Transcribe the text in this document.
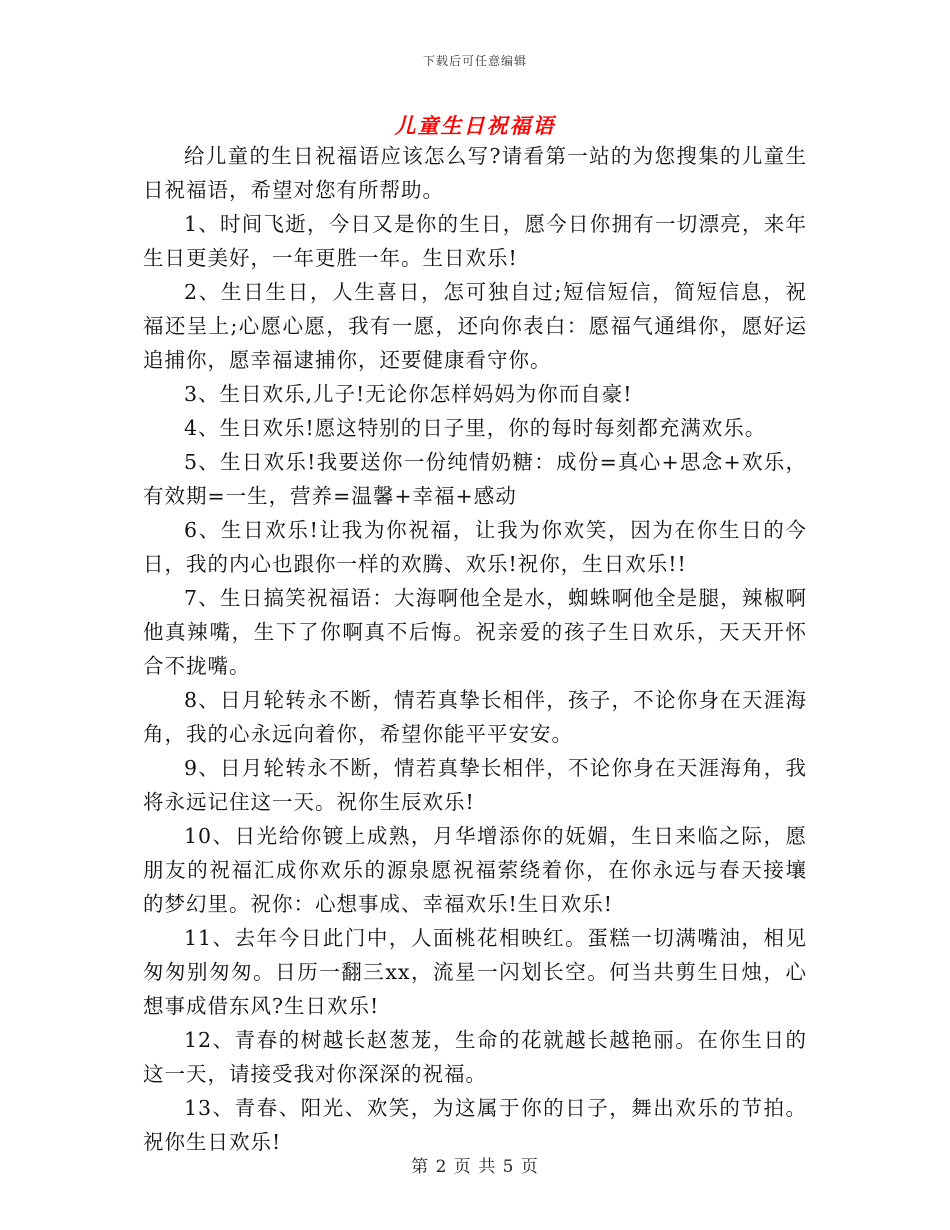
下载后可任意编辑
儿童生日祝福语

给儿童的生日祝福语应该怎么写?请看第一站的为您搜集的儿童生日祝福语，希望对您有所帮助。

1、时间飞逝，今日又是你的生日，愿今日你拥有一切漂亮，来年生日更美好，一年更胜一年。生日欢乐!

2、生日生日，人生喜日，怎可独自过;短信短信，简短信息，祝福还呈上;心愿心愿，我有一愿，还向你表白：愿福气通缉你，愿好运追捕你，愿幸福逮捕你，还要健康看守你。

3、生日欢乐,儿子!无论你怎样妈妈为你而自豪!

4、生日欢乐!愿这特别的日子里，你的每时每刻都充满欢乐。

5、生日欢乐!我要送你一份纯情奶糖：成份=真心+思念+欢乐，有效期=一生，营养=温馨+幸福+感动

6、生日欢乐!让我为你祝福，让我为你欢笑，因为在你生日的今日，我的内心也跟你一样的欢腾、欢乐!祝你，生日欢乐!!

7、生日搞笑祝福语：大海啊他全是水，蜘蛛啊他全是腿，辣椒啊他真辣嘴，生下了你啊真不后悔。祝亲爱的孩子生日欢乐，天天开怀合不拢嘴。

8、日月轮转永不断，情若真挚长相伴，孩子，不论你身在天涯海角，我的心永远向着你，希望你能平平安安。

9、日月轮转永不断，情若真挚长相伴，不论你身在天涯海角，我将永远记住这一天。祝你生辰欢乐!

10、日光给你镀上成熟，月华增添你的妩媚，生日来临之际，愿朋友的祝福汇成你欢乐的源泉愿祝福萦绕着你，在你永远与春天接壤的梦幻里。祝你：心想事成、幸福欢乐!生日欢乐!

11、去年今日此门中，人面桃花相映红。蛋糕一切满嘴油，相见匆匆别匆匆。日历一翻三xx，流星一闪划长空。何当共剪生日烛，心想事成借东风?生日欢乐!

12、青春的树越长赵葱茏，生命的花就越长越艳丽。在你生日的这一天，请接受我对你深深的祝福。

13、青春、阳光、欢笑，为这属于你的日子，舞出欢乐的节拍。祝你生日欢乐!

第 2 页 共 5 页
